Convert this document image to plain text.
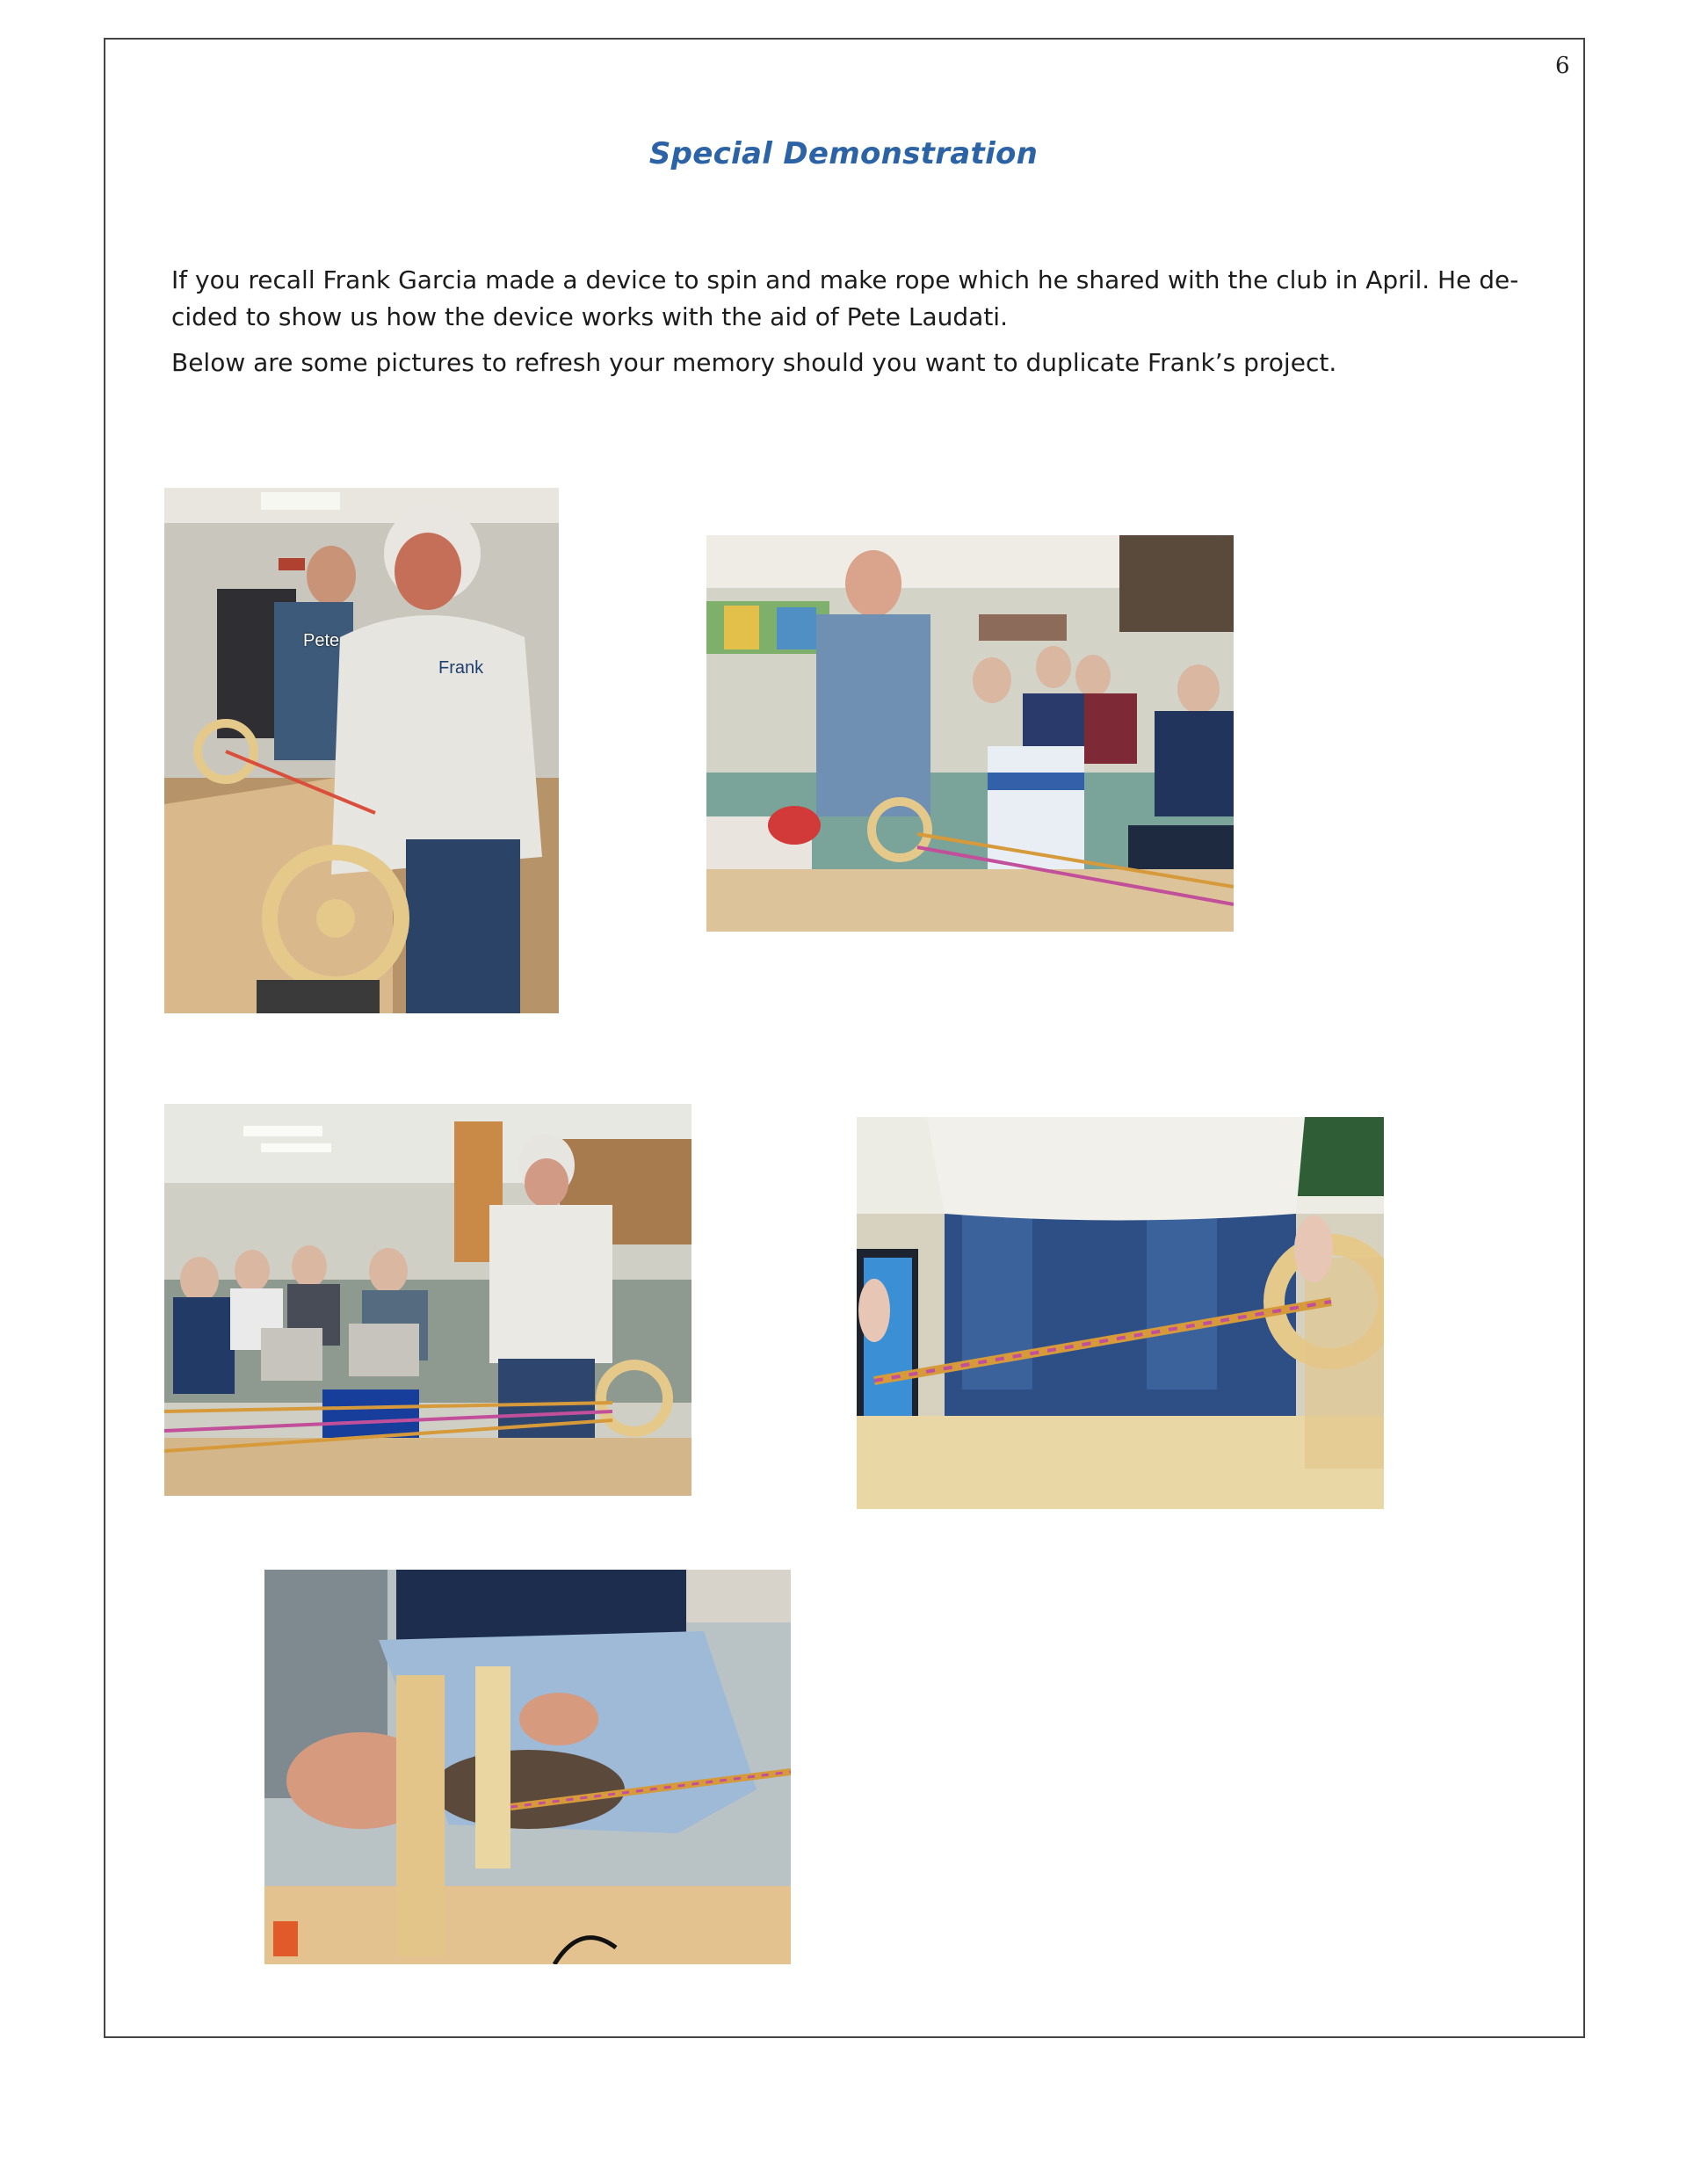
6
Special Demonstration

If you recall Frank Garcia made a device to spin and make rope which he shared with the club in April. He de-cided to show us how the device works with the aid of Pete Laudati.

Below are some pictures to refresh your memory should you want to duplicate Frank’s project.

Pete
Frank
